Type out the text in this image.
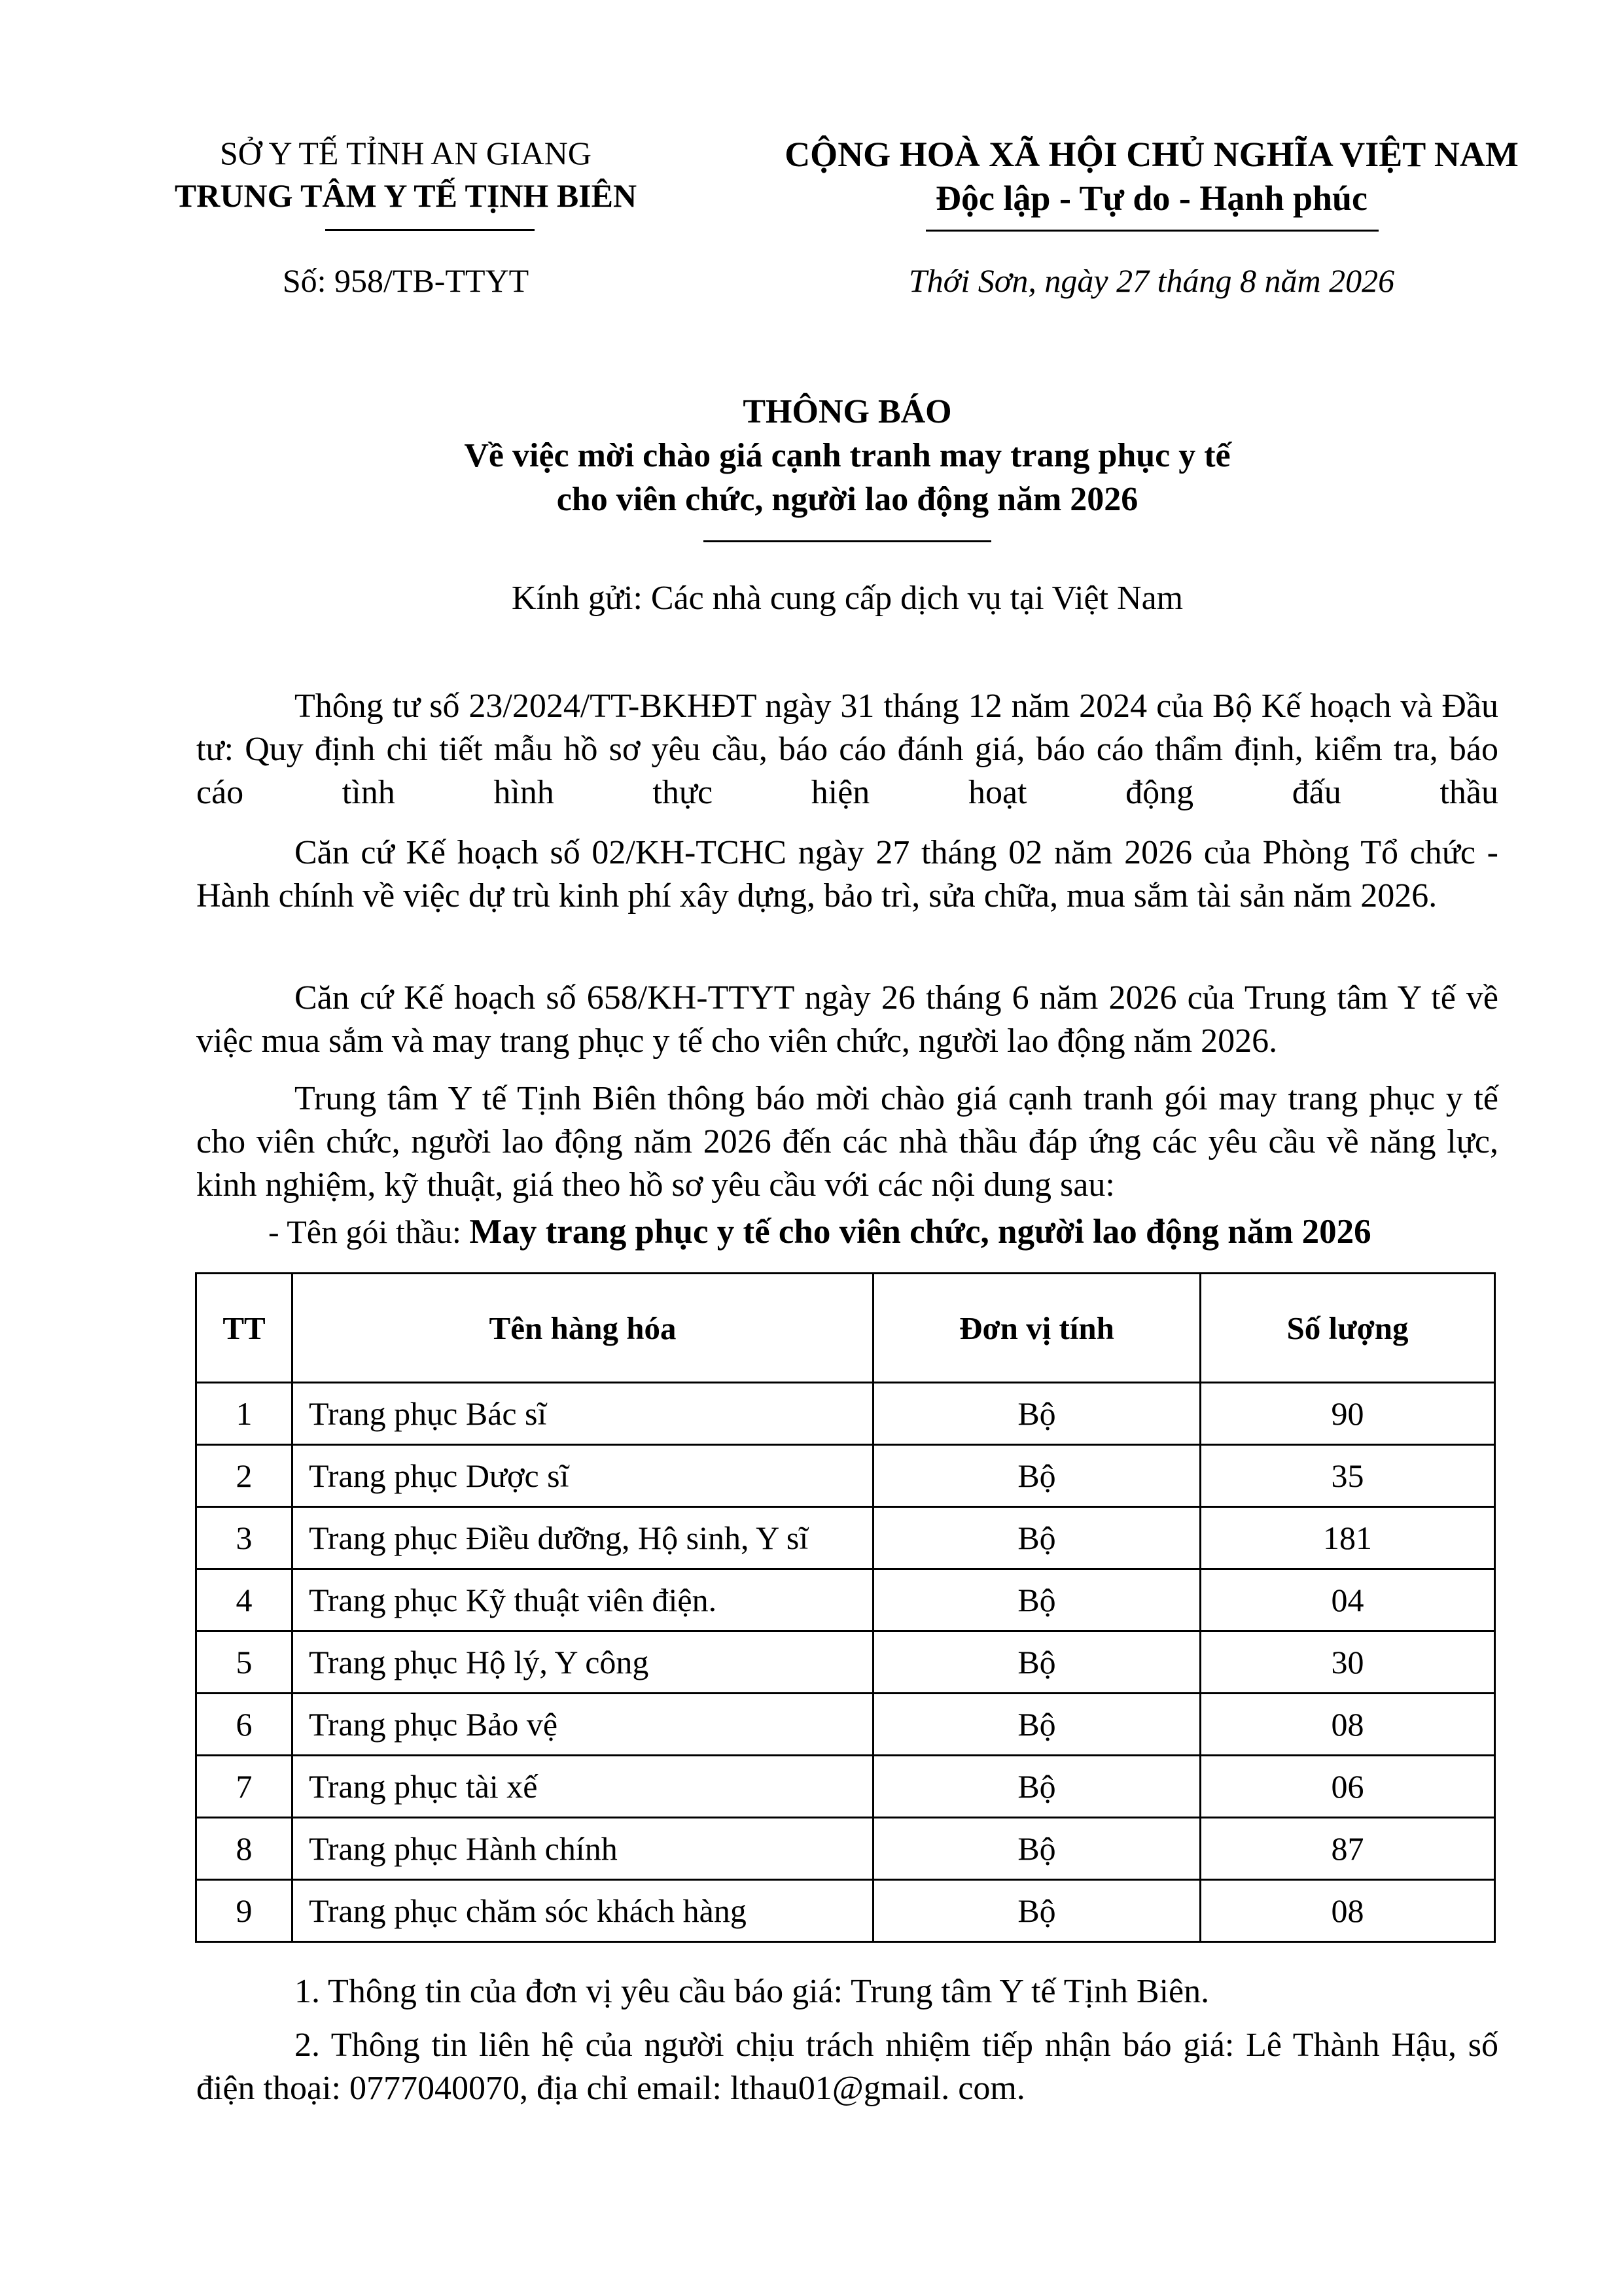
SỞ Y TẾ TỈNH AN GIANG
TRUNG TÂM Y TẾ TỊNH BIÊN
Số: 958/TB-TTYT
CỘNG HOÀ XÃ HỘI CHỦ NGHĨA VIỆT NAM
Độc lập - Tự do - Hạnh phúc
Thới Sơn, ngày 27 tháng 8 năm 2026
THÔNG BÁO
Về việc mời chào giá cạnh tranh may trang phục y tế
cho viên chức, người lao động năm 2026
Kính gửi: Các nhà cung cấp dịch vụ tại Việt Nam
Thông tư số 23/2024/TT-BKHĐT ngày 31 tháng 12 năm 2024 của Bộ Kế hoạch và Đầu tư: Quy định chi tiết mẫu hồ sơ yêu cầu, báo cáo đánh giá, báo cáo thẩm định, kiểm tra, báo cáo tình hình thực hiện hoạt động đấu thầu
Căn cứ Kế hoạch số 02/KH-TCHC ngày 27 tháng 02 năm 2026 của Phòng Tổ chức - Hành chính về việc dự trù kinh phí xây dựng, bảo trì, sửa chữa, mua sắm tài sản năm 2026.
Căn cứ Kế hoạch số 658/KH-TTYT ngày 26 tháng 6 năm 2026 của Trung tâm Y tế về việc mua sắm và may trang phục y tế cho viên chức, người lao động năm 2026.
Trung tâm Y tế Tịnh Biên thông báo mời chào giá cạnh tranh gói may trang phục y tế cho viên chức, người lao động năm 2026 đến các nhà thầu đáp ứng các yêu cầu về năng lực, kinh nghiệm, kỹ thuật, giá theo hồ sơ yêu cầu với các nội dung sau:
- Tên gói thầu: May trang phục y tế cho viên chức, người lao động năm 2026
TT	Tên hàng hóa	Đơn vị tính	Số lượng
1	Trang phục Bác sĩ	Bộ	90
2	Trang phục Dược sĩ	Bộ	35
3	Trang phục Điều dưỡng, Hộ sinh, Y sĩ	Bộ	181
4	Trang phục Kỹ thuật viên điện.	Bộ	04
5	Trang phục Hộ lý, Y công	Bộ	30
6	Trang phục Bảo vệ	Bộ	08
7	Trang phục tài xế	Bộ	06
8	Trang phục Hành chính	Bộ	87
9	Trang phục chăm sóc khách hàng	Bộ	08
1. Thông tin của đơn vị yêu cầu báo giá: Trung tâm Y tế Tịnh Biên.
2. Thông tin liên hệ của người chịu trách nhiệm tiếp nhận báo giá: Lê Thành Hậu, số điện thoại: 0777040070, địa chỉ email: lthau01@gmail. com.
